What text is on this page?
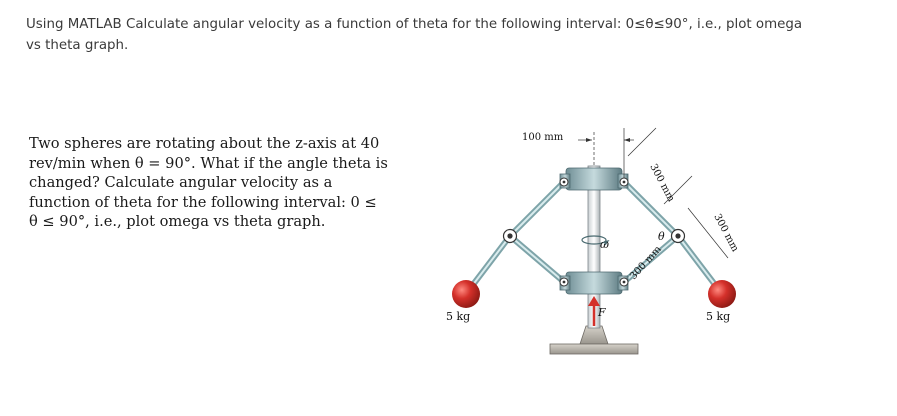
Using MATLAB Calculate angular velocity as a function of theta for the following interval: 0≤θ≤90°, i.e., plot omega vs theta graph.

Two spheres are rotating about the z-axis at 40 rev/min when θ = 90°. What if the angle theta is changed? Calculate angular velocity as a function of theta for the following interval: 0 ≤ θ ≤ 90°, i.e., plot omega vs theta graph.

100 mm
300 mm
300 mm
300 mm
5 kg	5 kg
ω
θ
F
